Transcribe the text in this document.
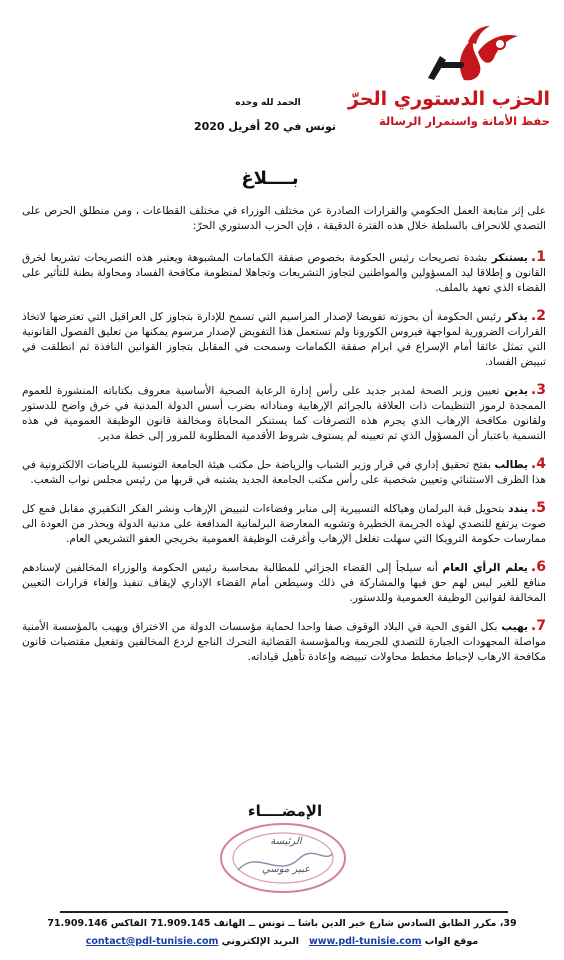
الحزب الدستوري الحرّ
حفظ الأمانة واستمرار الرسالة
الحمد لله وحده
تونس في 20 أفريل 2020
بــــلاغ

على إثر متابعة العمل الحكومي والقرارات الصادرة عن مختلف الوزراء في مختلف القطاعات ، ومن منطلق الحرص على التصدي للانحراف بالسلطة خلال هذه الفترة الدقيقة ، فإن الحزب الدستوري الحرّ:

1.يستنكر بشدة تصريحات رئيس الحكومة بخصوص صفقة الكمامات المشبوهة ويعتبر هذه التصريحات تشريعا لخرق القانون و إطلاقا ليد المسؤولين والمواطنين لتجاوز التشريعات وتجاهلا لمنظومة مكافحة الفساد ومحاولة بطنة للتأثير على القضاء الذي تعهد بالملف.

2.يذكر رئيس الحكومة أن بحوزته تفويضا لإصدار المراسيم التي تسمح للإدارة بتجاوز كل العراقيل التي تعترضها لاتخاذ القرارات الضرورية لمواجهة فيروس الكورونا ولم تستعمل هذا التفويض لإصدار مرسوم يمكنها من تعليق الفصول القانونية التي تمثل عائقا أمام الإسراع في ابرام صفقة الكمامات وسمحت في المقابل بتجاوز القوانين النافذة ثم انطلقت في تبييض الفساد.

3.يدين تعيين وزير الصحة لمدير جديد على رأس إدارة الرعاية الصحية الأساسية معروف بكتاباته المنشورة للعموم الممجدة لرموز التنظيمات ذات العلاقة بالجرائم الإرهابية ومناداته بضرب أسس الدولة المدنية في خرق واضح للدستور ولقانون مكافحة الإرهاب الذي يجرم هذه التصرفات كما يستنكر المحاباة ومخالفة قانون الوظيفة العمومية في هذه التسمية باعتبار أن المسؤول الذي تم تعيينه لم يستوف شروط الأقدمية المطلوبة للمرور إلى خطة مدير.

4.يطالب بفتح تحقيق إداري في قرار وزير الشباب والرياضة حل مكتب هيئة الجامعة التونسية للرياضات الالكترونية في هذا الظرف الاستثنائي وتعيين شخصية على رأس مكتب الجامعة الجديد يشتبه في قربها من رئيس مجلس نواب الشعب.

5.يندد بتحويل قبة البرلمان وهياكله التسييرية إلى منابر وفضاءات لتبييض الإرهاب ونشر الفكر التكفيري مقابل قمع كل صوت يرتفع للتصدي لهذه الجريمة الخطيرة وتشويه المعارضة البرلمانية المدافعة على مدنية الدولة ويحذر من العودة الى ممارسات حكومة الترويكا التي سهلت تغلغل الإرهاب وأغرقت الوظيفة العمومية بخريجي العفو التشريعي العام.

6.يعلم الرأي العام أنه سيلجأ إلى القضاء الجزائي للمطالبة بمحاسبة رئيس الحكومة والوزراء المخالفين لإسنادهم منافع للغير ليس لهم حق فيها والمشاركة في ذلك وسيطعن أمام القضاء الإداري لإيقاف تنفيذ وإلغاء قرارات التعيين المخالفة لقوانين الوظيفة العمومية وللدستور.

7.يهيب بكل القوى الحية في البلاد الوقوف صفا واحدا لحماية مؤسسات الدولة من الاختراق ويهيب بالمؤسسة الأمنية مواصلة المجهودات الجبارة للتصدي للجريمة وبالمؤسسة القضائية التحرك الناجع لردع المخالفين وتفعيل مقتضيات قانون مكافحة الارهاب لإحباط مخطط محاولات تبييضه وإعادة تأهيل قياداته.

الإمضــــاء
الرئيسة
عبير موسي
39، مكرر الطابق السادس شارع خير الدين باشا ــ تونس ــ الهاتف 71.909.145 الفاكس 71.909.146
موقع الواب www.pdl-tunisie.com   البريد الإلكتروني contact@pdl-tunisie.com
